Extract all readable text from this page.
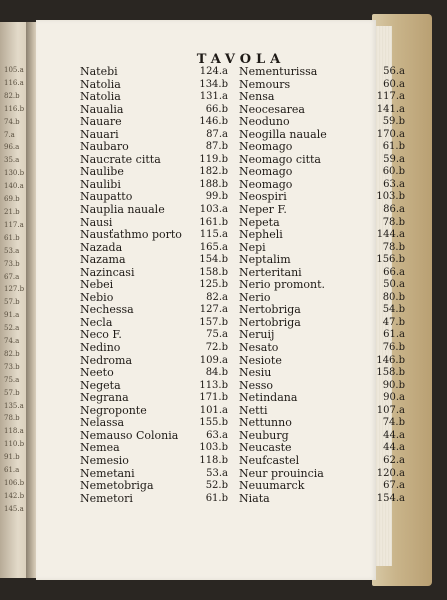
105.a
116.a
82.b
116.b
74.b
7.a
96.a
35.a
130.b
140.a
69.b
21.b
117.a
61.b
53.a
73.b
67.a
127.b
57.b
91.a
52.a
74.a
82.b
73.b
75.a
57.b
135.a
78.b
118.a
110.b
91.b
61.a
106.b
142.b
145.a
TAVOLA
Natebi	124.a
Natolia	134.b
Natolia	131.a
Naualia	66.b
Nauare	146.b
Nauari	87.a
Naubaro	87.b
Naucrate citta	119.b
Naulibe	182.b
Naulibi	188.b
Naupatto	99.b
Nauplia nauale	103.a
Nausi	161.b
Nausťathmo porto 115.a
Nazada	165.a
Nazama	154.b
Nazincasi	158.b
Nebei	125.b
Nebio	82.a
Nechessa	127.a
Necla	157.b
Neco F.	75.a
Nedino	72.b
Nedroma	109.a
Neeto	84.b
Negeta	113.b
Negrana	171.b
Negroponte	101.a
Nelassa	155.b
Nemauso Colonia	63.a
Nemea	103.b
Nemesio	118.b
Nemetani	53.a
Nemetobriga	52.b
Nemetori	61.b
Nementurissa	56.a
Nemours	60.a
Nensa	117.a
Neocesarea	141.a
Neoduno	59.b
Neogilla nauale	170.a
Neomago	61.b
Neomago citta	59.a
Neomago	60.b
Neomago	63.a
Neospiri	103.b
Neper F.	86.a
Nepeta	78.b
Nepheli	144.a
Nepi	78.b
Neptalim	156.b
Nerteritani	66.a
Nerio promont.	50.a
Nerio	80.b
Nertobriga	54.b
Nertobriga	47.b
Neruij	61.a
Nesato	76.b
Nesiote	146.b
Nesiu	158.b
Nesso	90.b
Netindana	90.a
Netti	107.a
Nettunno	74.b
Neuburg	44.a
Neucaste	44.a
Neufcastel	62.a
Neur prouincia	120.a
Neuumarck	67.a
Niata	154.a
